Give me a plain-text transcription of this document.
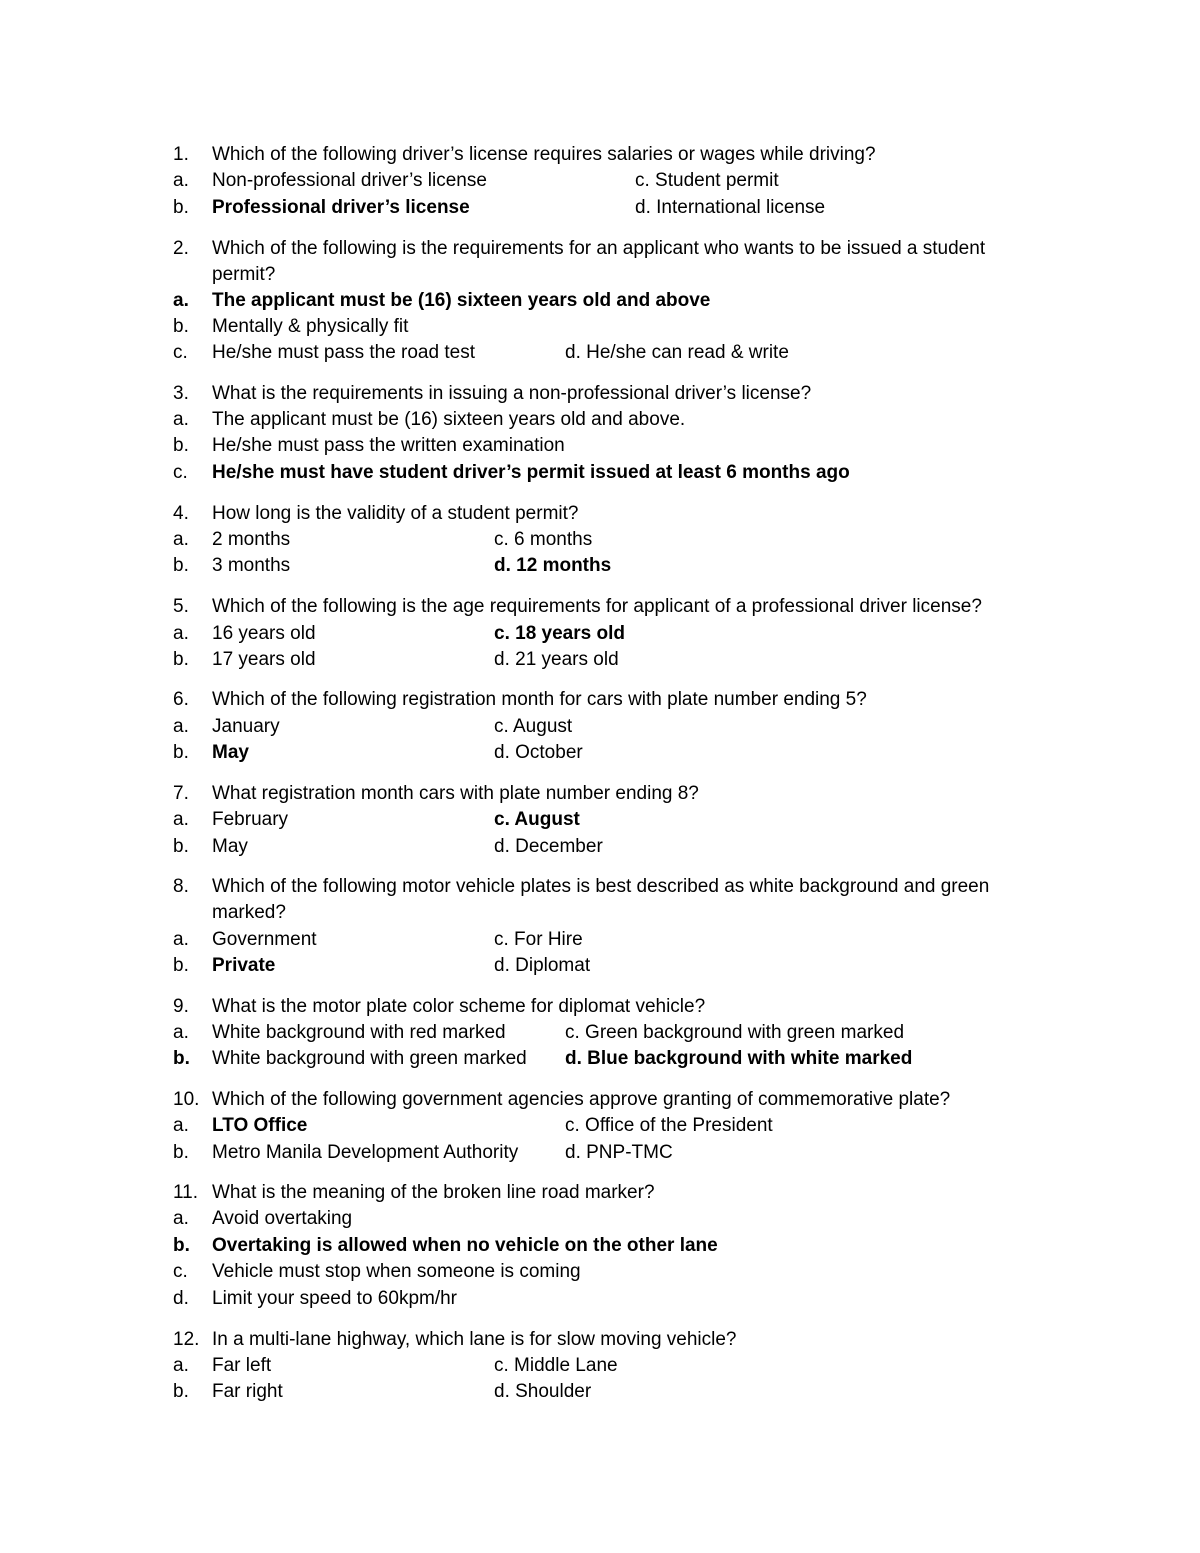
1. Which of the following driver’s license requires salaries or wages while driving?
a. Non-professional driver’s license	c. Student permit
b. Professional driver’s license	d. International license
2. Which of the following is the requirements for an applicant who wants to be issued a student
permit?
a. The applicant must be (16) sixteen years old and above
b. Mentally & physically fit
c. He/she must pass the road test	d. He/she can read & write
3. What is the requirements in issuing a non-professional driver’s license?
a. The applicant must be (16) sixteen years old and above.
b. He/she must pass the written examination
c. He/she must have student driver’s permit issued at least 6 months ago
4. How long is the validity of a student permit?
a. 2 months	c. 6 months
b. 3 months	d. 12 months
5. Which of the following is the age requirements for applicant of a professional driver license?
a. 16 years old	c. 18 years old
b. 17 years old	d. 21 years old
6. Which of the following registration month for cars with plate number ending 5?
a. January	c. August
b. May	d. October
7. What registration month cars with plate number ending 8?
a. February	c. August
b. May	d. December
8. Which of the following motor vehicle plates is best described as white background and green
marked?
a. Government	c. For Hire
b. Private	d. Diplomat
9. What is the motor plate color scheme for diplomat vehicle?
a. White background with red marked	c. Green background with green marked
b. White background with green marked d. Blue background with white marked
10. Which of the following government agencies approve granting of commemorative plate?
a. LTO Office	c. Office of the President
b. Metro Manila Development Authority d. PNP-TMC
11. What is the meaning of the broken line road marker?
a. Avoid overtaking
b. Overtaking is allowed when no vehicle on the other lane
c. Vehicle must stop when someone is coming
d. Limit your speed to 60kpm/hr
12. In a multi-lane highway, which lane is for slow moving vehicle?
a. Far left	c. Middle Lane
b. Far right	d. Shoulder
